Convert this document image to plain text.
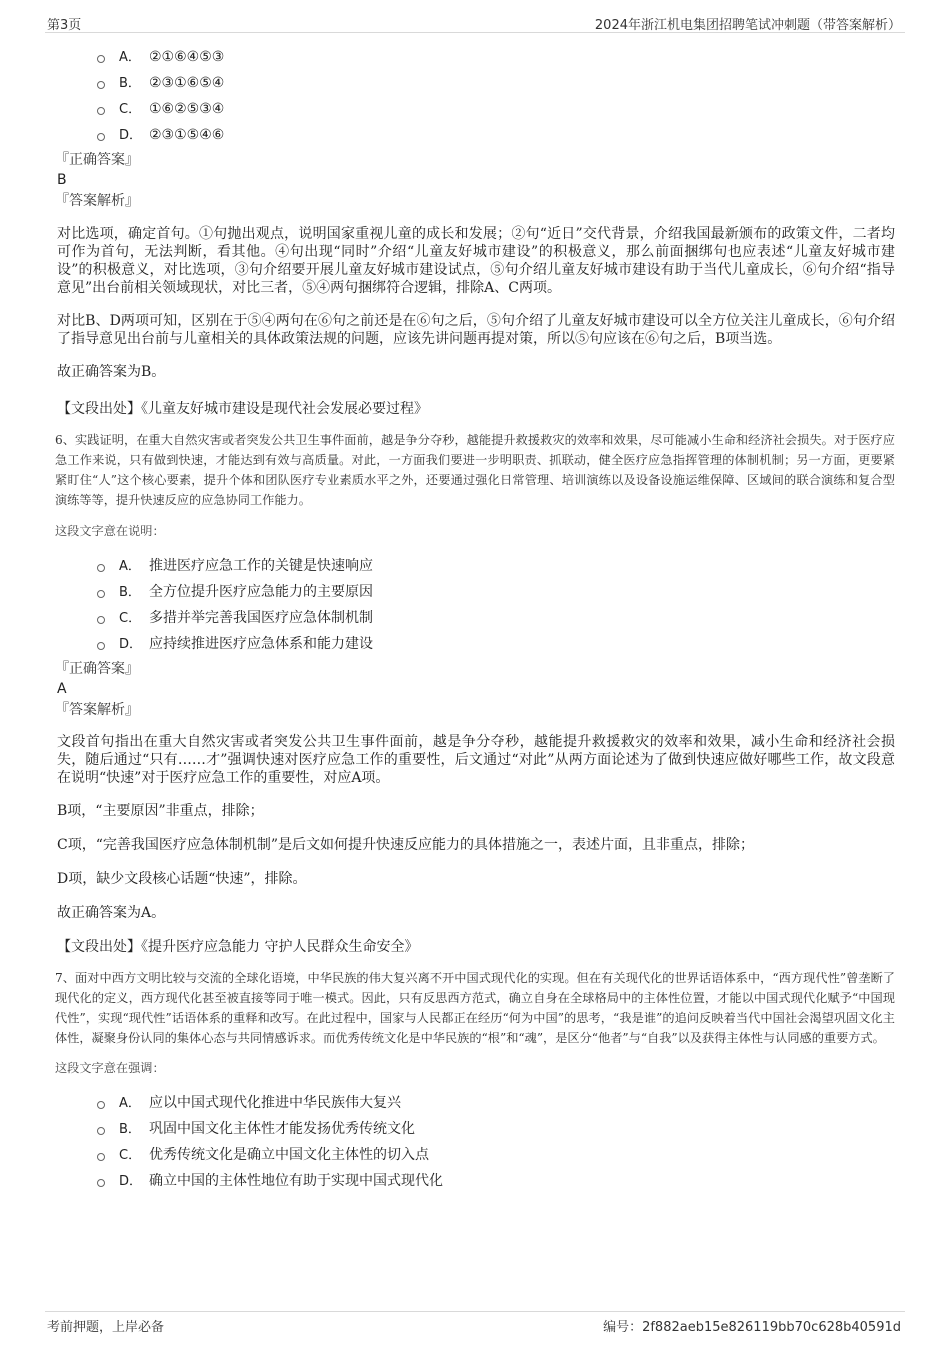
第3页	2024年浙江机电集团招聘笔试冲刺题（带答案解析）
A． ②①⑥④⑤③
B． ②③①⑥⑤④
C． ①⑥②⑤③④
D． ②③①⑤④⑥
『正确答案』
B
『答案解析』

对比选项，确定首句。①句抛出观点，说明国家重视儿童的成长和发展；②句“近日”交代背景，介绍我国最新颁布的政策文件，二者均可作为首句，无法判断，看其他。④句出现“同时”介绍“儿童友好城市建设”的积极意义，那么前面捆绑句也应表述“儿童友好城市建设”的积极意义，对比选项，③句介绍要开展儿童友好城市建设试点，⑤句介绍儿童友好城市建设有助于当代儿童成长，⑥句介绍“指导意见”出台前相关领域现状，对比三者，⑤④两句捆绑符合逻辑，排除A、C两项。

对比B、D两项可知，区别在于⑤④两句在⑥句之前还是在⑥句之后，⑤句介绍了儿童友好城市建设可以全方位关注儿童成长，⑥句介绍了指导意见出台前与儿童相关的具体政策法规的问题，应该先讲问题再提对策，所以⑤句应该在⑥句之后，B项当选。

故正确答案为B。

【文段出处】《儿童友好城市建设是现代社会发展必要过程》

6、实践证明，在重大自然灾害或者突发公共卫生事件面前，越是争分夺秒，越能提升救援救灾的效率和效果，尽可能减小生命和经济社会损失。对于医疗应急工作来说，只有做到快速，才能达到有效与高质量。对此，一方面我们要进一步明职责、抓联动，健全医疗应急指挥管理的体制机制；另一方面，更要紧紧盯住“人”这个核心要素，提升个体和团队医疗专业素质水平之外，还要通过强化日常管理、培训演练以及设备设施运维保障、区域间的联合演练和复合型演练等等，提升快速反应的应急协同工作能力。

这段文字意在说明：

A． 推进医疗应急工作的关键是快速响应
B． 全方位提升医疗应急能力的主要原因
C． 多措并举完善我国医疗应急体制机制
D． 应持续推进医疗应急体系和能力建设
『正确答案』
A
『答案解析』

文段首句指出在重大自然灾害或者突发公共卫生事件面前，越是争分夺秒，越能提升救援救灾的效率和效果，减小生命和经济社会损失，随后通过“只有……才”强调快速对医疗应急工作的重要性，后文通过“对此”从两方面论述为了做到快速应做好哪些工作，故文段意在说明“快速”对于医疗应急工作的重要性，对应A项。

B项，“主要原因”非重点，排除；

C项，“完善我国医疗应急体制机制”是后文如何提升快速反应能力的具体措施之一，表述片面，且非重点，排除；

D项，缺少文段核心话题“快速”，排除。

故正确答案为A。

【文段出处】《提升医疗应急能力 守护人民群众生命安全》

7、面对中西方文明比较与交流的全球化语境，中华民族的伟大复兴离不开中国式现代化的实现。但在有关现代化的世界话语体系中，“西方现代性”曾垄断了现代化的定义，西方现代化甚至被直接等同于唯一模式。因此，只有反思西方范式，确立自身在全球格局中的主体性位置，才能以中国式现代化赋予“中国现代性”，实现“现代性”话语体系的重释和改写。在此过程中，国家与人民都正在经历“何为中国”的思考，“我是谁”的追问反映着当代中国社会渴望巩固文化主体性，凝聚身份认同的集体心态与共同情感诉求。而优秀传统文化是中华民族的“根”和“魂”，是区分“他者”与“自我”以及获得主体性与认同感的重要方式。

这段文字意在强调：

A． 应以中国式现代化推进中华民族伟大复兴
B． 巩固中国文化主体性才能发扬优秀传统文化
C． 优秀传统文化是确立中国文化主体性的切入点
D． 确立中国的主体性地位有助于实现中国式现代化
考前押题，上岸必备	编号：2f882aeb15e826119bb70c628b40591d
